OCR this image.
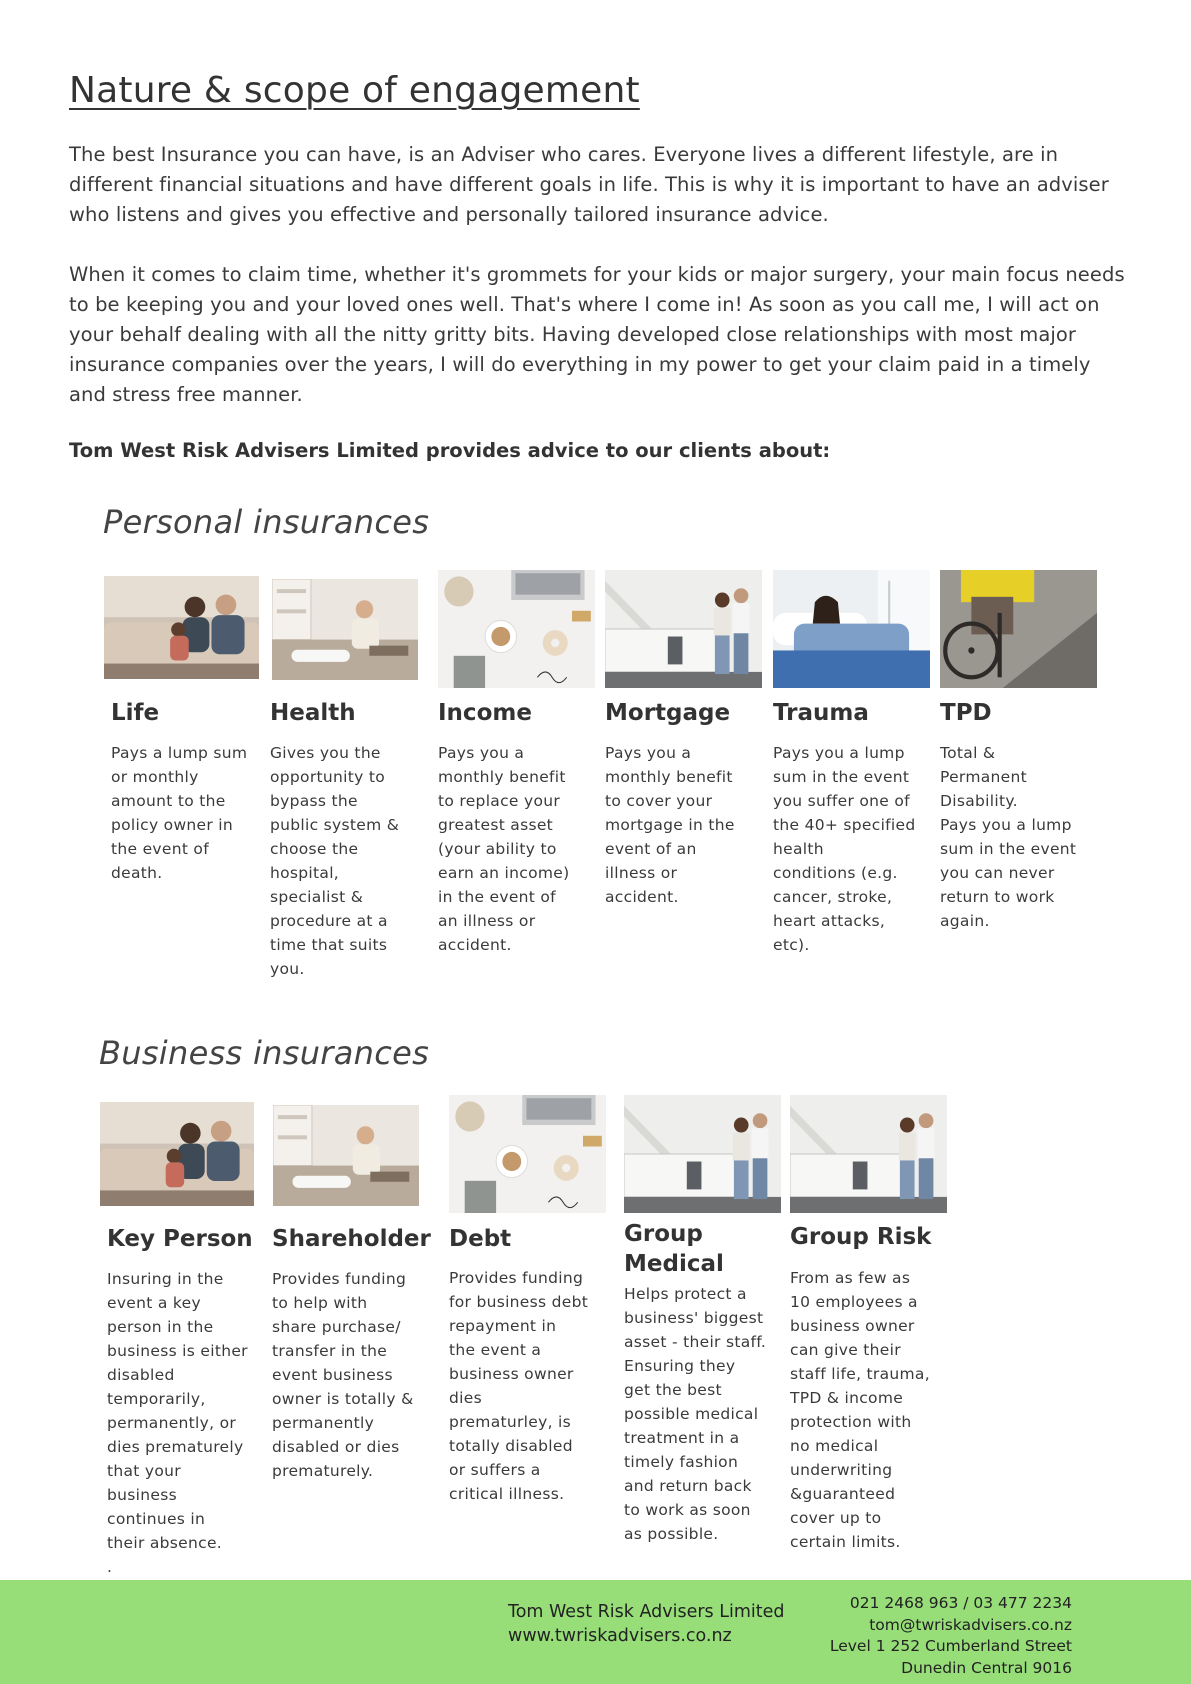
Nature & scope of engagement

The best Insurance you can have, is an Adviser who cares. Everyone lives a different lifestyle, are in different financial situations and have different goals in life. This is why it is important to have an adviser who listens and gives you effective and personally tailored insurance advice.

When it comes to claim time, whether it's grommets for your kids or major surgery, your main focus needs to be keeping you and your loved ones well. That's where I come in! As soon as you call me, I will act on your behalf dealing with all the nitty gritty bits. Having developed close relationships with most major insurance companies over the years, I will do everything in my power to get your claim paid in a timely and stress free manner.

Tom West Risk Advisers Limited provides advice to our clients about:

Personal insurances
Life

Pays a lump sum
or monthly
amount to the
policy owner in
the event of
death.

Health

Gives you the
opportunity to
bypass the
public system &
choose the
hospital,
specialist &
procedure at a
time that suits
you.

Income

Pays you a
monthly benefit
to replace your
greatest asset
(your ability to
earn an income)
in the event of
an illness or
accident.

Mortgage

Pays you a
monthly benefit
to cover your
mortgage in the
event of an
illness or
accident.

Trauma

Pays you a lump
sum in the event
you suffer one of
the 40+ specified
health
conditions (e.g.
cancer, stroke,
heart attacks,
etc).

TPD

Total &
Permanent
Disability.
Pays you a lump
sum in the event
you can never
return to work
again.

Business insurances
Key Person

Insuring in the
event a key
person in the
business is either
disabled
temporarily,
permanently, or
dies prematurely
that your
business
continues in
their absence.
.

Shareholder

Provides funding
to help with
share purchase/
transfer in the
event business
owner is totally &
permanently
disabled or dies
prematurely.

Debt

Provides funding
for business debt
repayment in
the event a
business owner
dies
prematurley, is
totally disabled
or suffers a
critical illness.

Group
Medical

Helps protect a
business' biggest
asset - their staff.
Ensuring they
get the best
possible medical
treatment in a
timely fashion
and return back
to work as soon
as possible.

Group Risk

From as few as
10 employees a
business owner
can give their
staff life, trauma,
TPD & income
protection with
no medical
underwriting
&guaranteed
cover up to
certain limits.

Tom West Risk Advisers Limited
www.twriskadvisers.co.nz
021 2468 963 / 03 477 2234
tom@twriskadvisers.co.nz
Level 1 252 Cumberland Street
Dunedin Central 9016
